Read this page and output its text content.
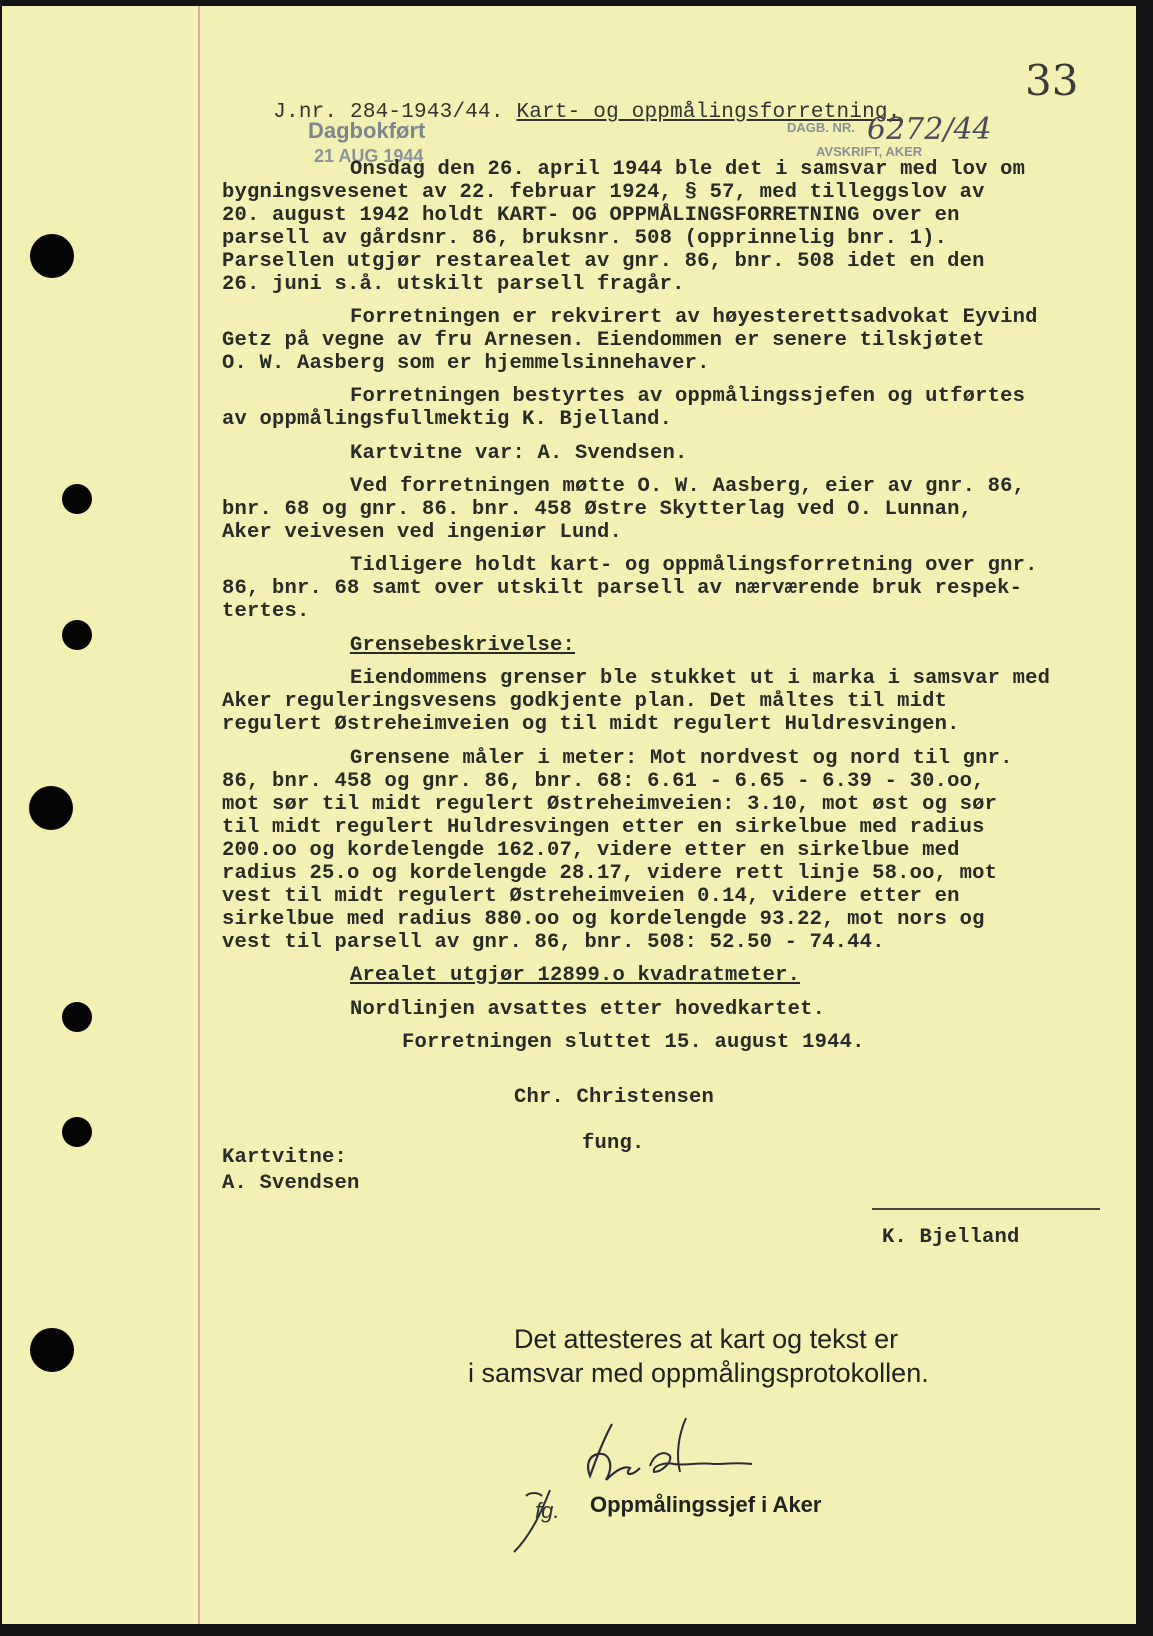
J.nr. 284-1943/44. Kart- og oppmålingsforretning.

33
Dagbokført
21 AUG 1944
DAGB. NR. 6272/44
AVSKRIFT, AKER
Onsdag den 26. april 1944 ble det i samsvar med lov om
bygningsvesenet av 22. februar 1924, § 57, med tilleggslov av
20. august 1942 holdt KART- OG OPPMÅLINGSFORRETNING over en
parsell av gårdsnr. 86, bruksnr. 508 (opprinnelig bnr. 1).
Parsellen utgjør restarealet av gnr. 86, bnr. 508 idet en den
26. juni s.å. utskilt parsell fragår.
Forretningen er rekvirert av høyesterettsadvokat Eyvind
Getz på vegne av fru Arnesen. Eiendommen er senere tilskjøtet
O. W. Aasberg som er hjemmelsinnehaver.
Forretningen bestyrtes av oppmålingssjefen og utførtes
av oppmålingsfullmektig K. Bjelland.
Kartvitne var: A. Svendsen.
Ved forretningen møtte O. W. Aasberg, eier av gnr. 86,
bnr. 68 og gnr. 86. bnr. 458 Østre Skytterlag ved O. Lunnan,
Aker veivesen ved ingeniør Lund.
Tidligere holdt kart- og oppmålingsforretning over gnr.
86, bnr. 68 samt over utskilt parsell av nærværende bruk respek-
tertes.
Grensebeskrivelse:
Eiendommens grenser ble stukket ut i marka i samsvar med
Aker reguleringsvesens godkjente plan. Det måltes til midt
regulert Østreheimveien og til midt regulert Huldresvingen.
Grensene måler i meter: Mot nordvest og nord til gnr.
86, bnr. 458 og gnr. 86, bnr. 68: 6.61 - 6.65 - 6.39 - 30.oo,
mot sør til midt regulert Østreheimveien: 3.10, mot øst og sør
til midt regulert Huldresvingen etter en sirkelbue med radius
200.oo og kordelengde 162.07, videre etter en sirkelbue med
radius 25.o og kordelengde 28.17, videre rett linje 58.oo, mot
vest til midt regulert Østreheimveien 0.14, videre etter en
sirkelbue med radius 880.oo og kordelengde 93.22, mot nors og
vest til parsell av gnr. 86, bnr. 508: 52.50 - 74.44.
Arealet utgjør 12899.o kvadratmeter.
Nordlinjen avsattes etter hovedkartet.
Forretningen sluttet 15. august 1944.
Chr. Christensen
fung.
Kartvitne:
A. Svendsen
K. Bjelland
Det attesteres at kart og tekst er
i samsvar med oppmålingsprotokollen.
fg. Oppmålingssjef i Aker
